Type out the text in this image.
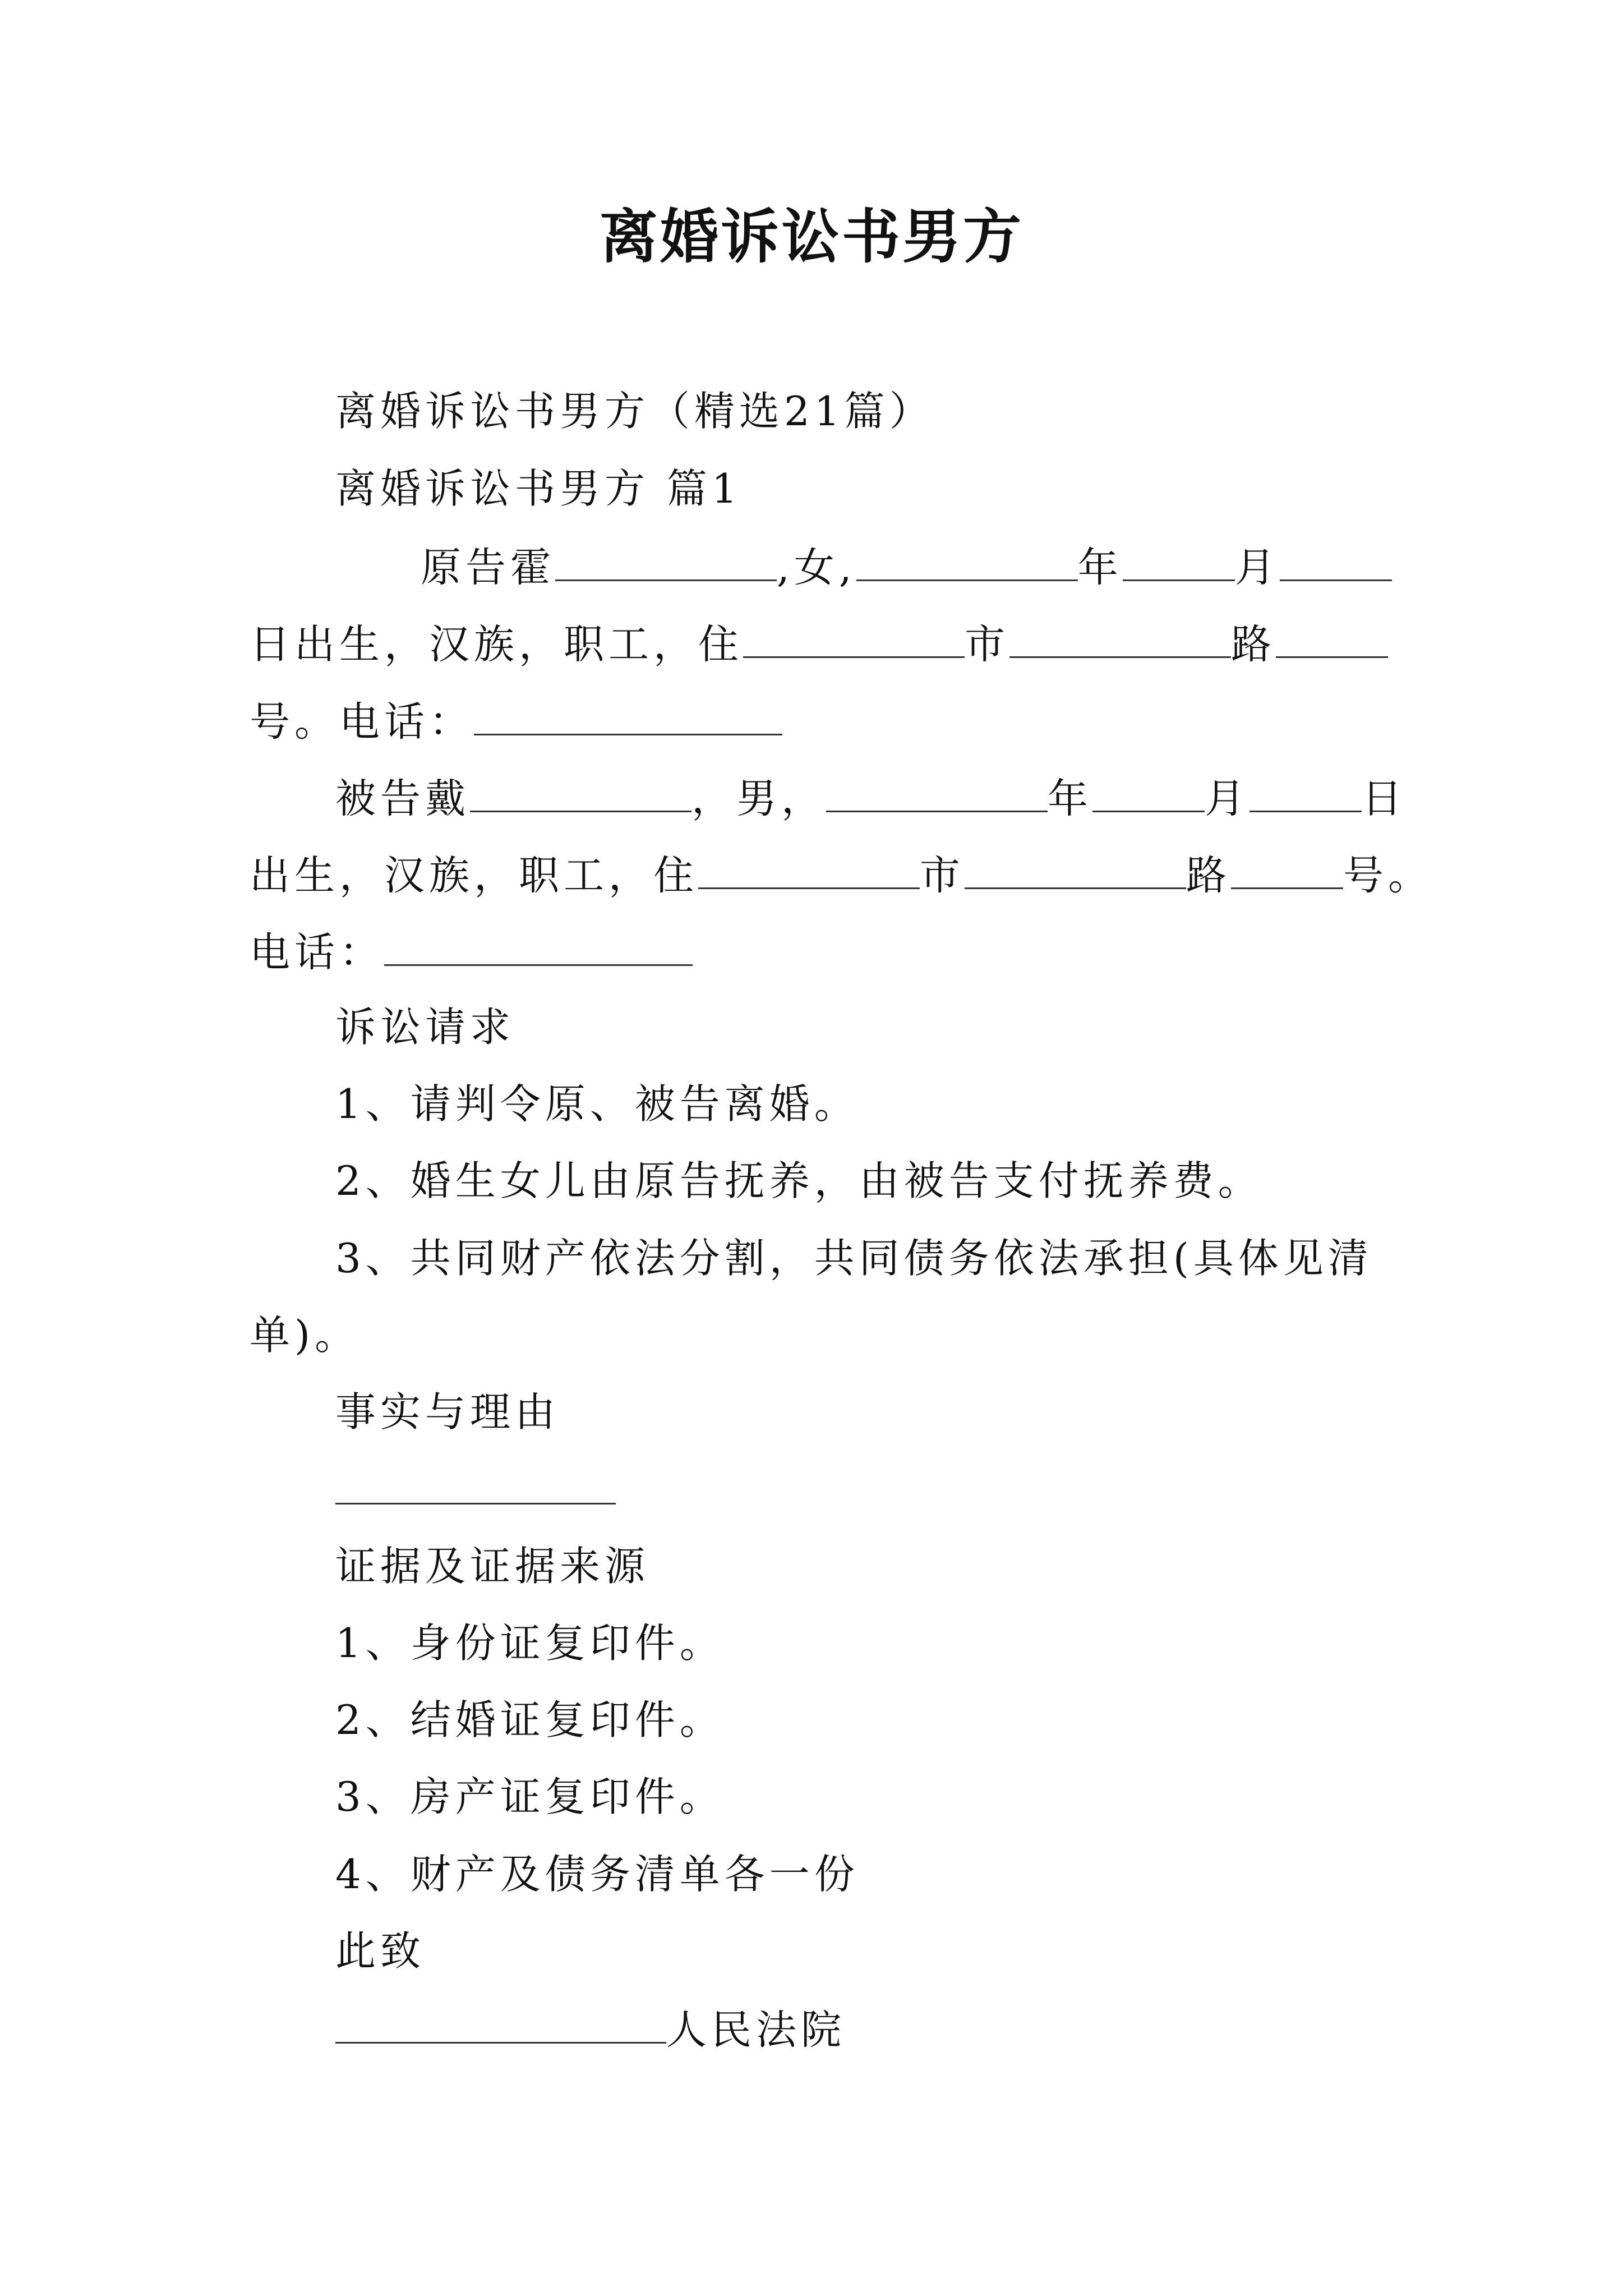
离婚诉讼书男方
离婚诉讼书男方（精选21篇）
离婚诉讼书男方 篇1
原告霍	,女,	年	月
日出生，汉族，职工，住	市	路
号。电话：
被告戴	，男，	年	月	日
出生，汉族，职工，住	市	路	号。
电话：
诉讼请求
1、请判令原、被告离婚。
2、婚生女儿由原告抚养，由被告支付抚养费。
3、共同财产依法分割，共同债务依法承担(具体见清
单)。
事实与理由
证据及证据来源
1、身份证复印件。
2、结婚证复印件。
3、房产证复印件。
4、财产及债务清单各一份
此致
人民法院
